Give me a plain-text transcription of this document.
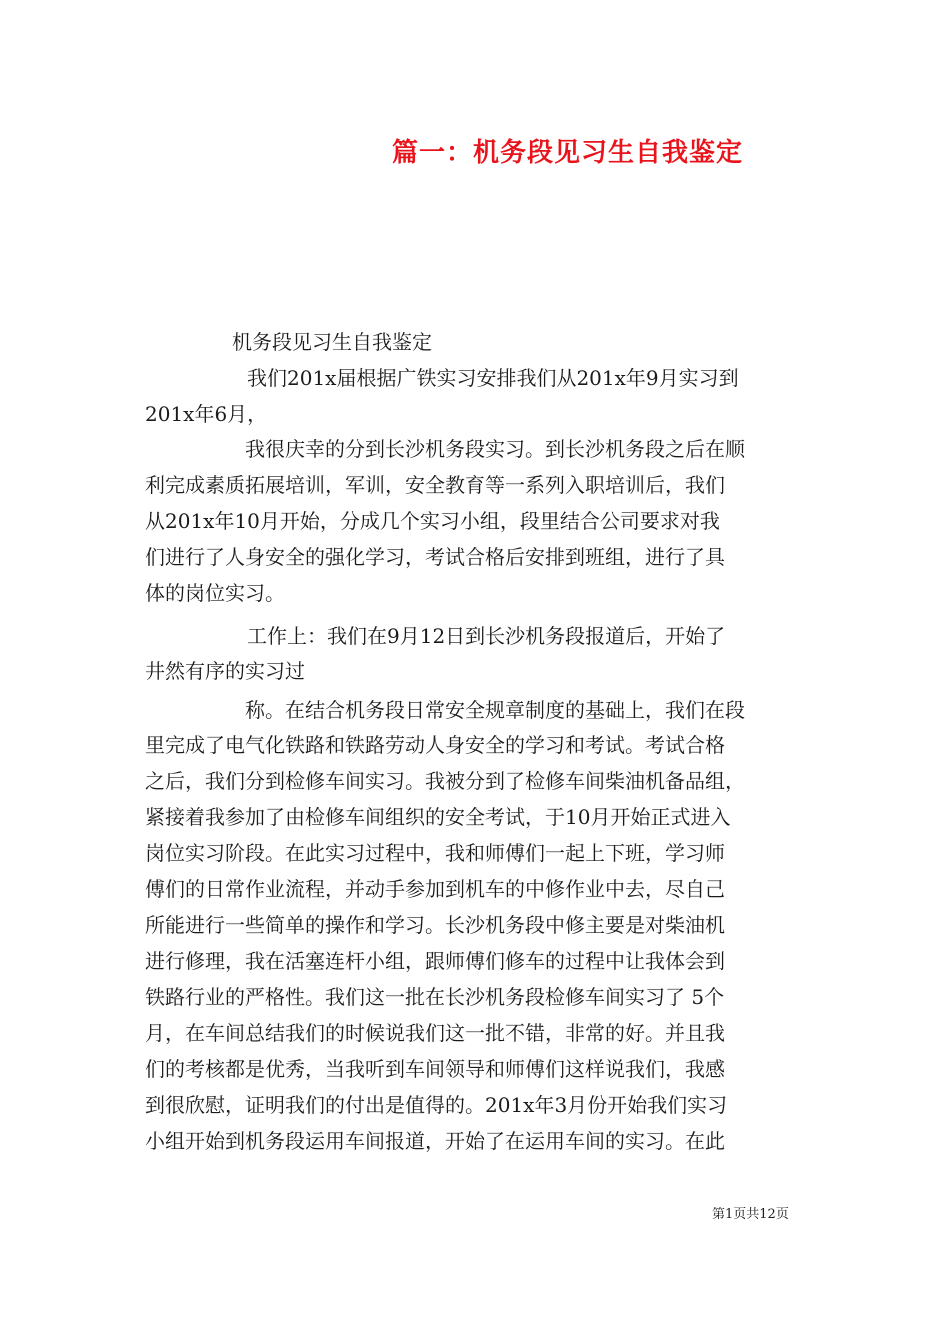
篇一：机务段见习生自我鉴定
机务段见习生自我鉴定
我们201x届根据广铁实习安排我们从201x年9月实习到
201x年6月，
我很庆幸的分到长沙机务段实习。到长沙机务段之后在顺
利完成素质拓展培训，军训，安全教育等一系列入职培训后，我们
从201x年10月开始，分成几个实习小组，段里结合公司要求对我
们进行了人身安全的强化学习，考试合格后安排到班组，进行了具
体的岗位实习。
工作上：我们在9月12日到长沙机务段报道后，开始了
井然有序的实习过
称。在结合机务段日常安全规章制度的基础上，我们在段
里完成了电气化铁路和铁路劳动人身安全的学习和考试。考试合格
之后，我们分到检修车间实习。我被分到了检修车间柴油机备品组，
紧接着我参加了由检修车间组织的安全考试，于10月开始正式进入
岗位实习阶段。在此实习过程中，我和师傅们一起上下班，学习师
傅们的日常作业流程，并动手参加到机车的中修作业中去，尽自己
所能进行一些简单的操作和学习。长沙机务段中修主要是对柴油机
进行修理，我在活塞连杆小组，跟师傅们修车的过程中让我体会到
铁路行业的严格性。我们这一批在长沙机务段检修车间实习了 5个
月，在车间总结我们的时候说我们这一批不错，非常的好。并且我
们的考核都是优秀，当我听到车间领导和师傅们这样说我们，我感
到很欣慰，证明我们的付出是值得的。201x年3月份开始我们实习
小组开始到机务段运用车间报道，开始了在运用车间的实习。在此
第1页共12页
